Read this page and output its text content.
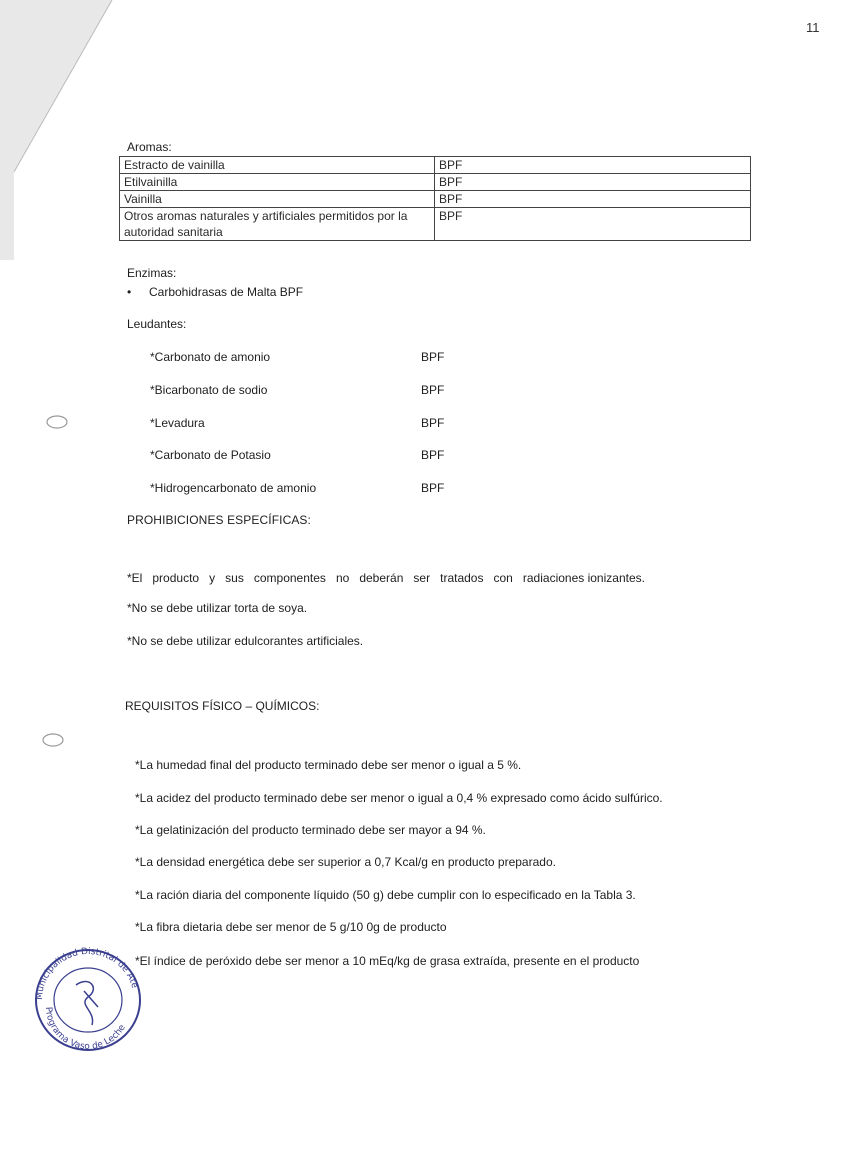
11
Aromas:
Estracto de vainilla	BPF
Etilvainilla	BPF
Vainilla	BPF
Otros aromas naturales y artificiales permitidos por la autoridad sanitaria	BPF
Enzimas:
• Carbohidrasas de Malta BPF
Leudantes:
*Carbonato de amonio	BPF
*Bicarbonato de sodio	BPF
*Levadura	BPF
*Carbonato de Potasio	BPF
*Hidrogencarbonato de amonio	BPF
PROHIBICIONES ESPECÍFICAS:
*El producto y sus componentes no deberán ser tratados con radiaciones ionizantes.
*No se debe utilizar torta de soya.
*No se debe utilizar edulcorantes artificiales.
REQUISITOS FÍSICO – QUÍMICOS:
*La humedad final del producto terminado debe ser menor o igual a 5 %.
*La acidez del producto terminado debe ser menor o igual a 0,4 % expresado como ácido sulfúrico.
*La gelatinización del producto terminado debe ser mayor a 94 %.
*La densidad energética debe ser superior a 0,7 Kcal/g en producto preparado.
*La ración diaria del componente líquido (50 g) debe cumplir con lo especificado en la Tabla 3.
*La fibra dietaria debe ser menor de 5 g/10 0g de producto
*El índice de peróxido debe ser menor a 10 mEq/kg de grasa extraída, presente en el producto
Municipalidad Distrital de Ate
Programa Vaso de Leche
